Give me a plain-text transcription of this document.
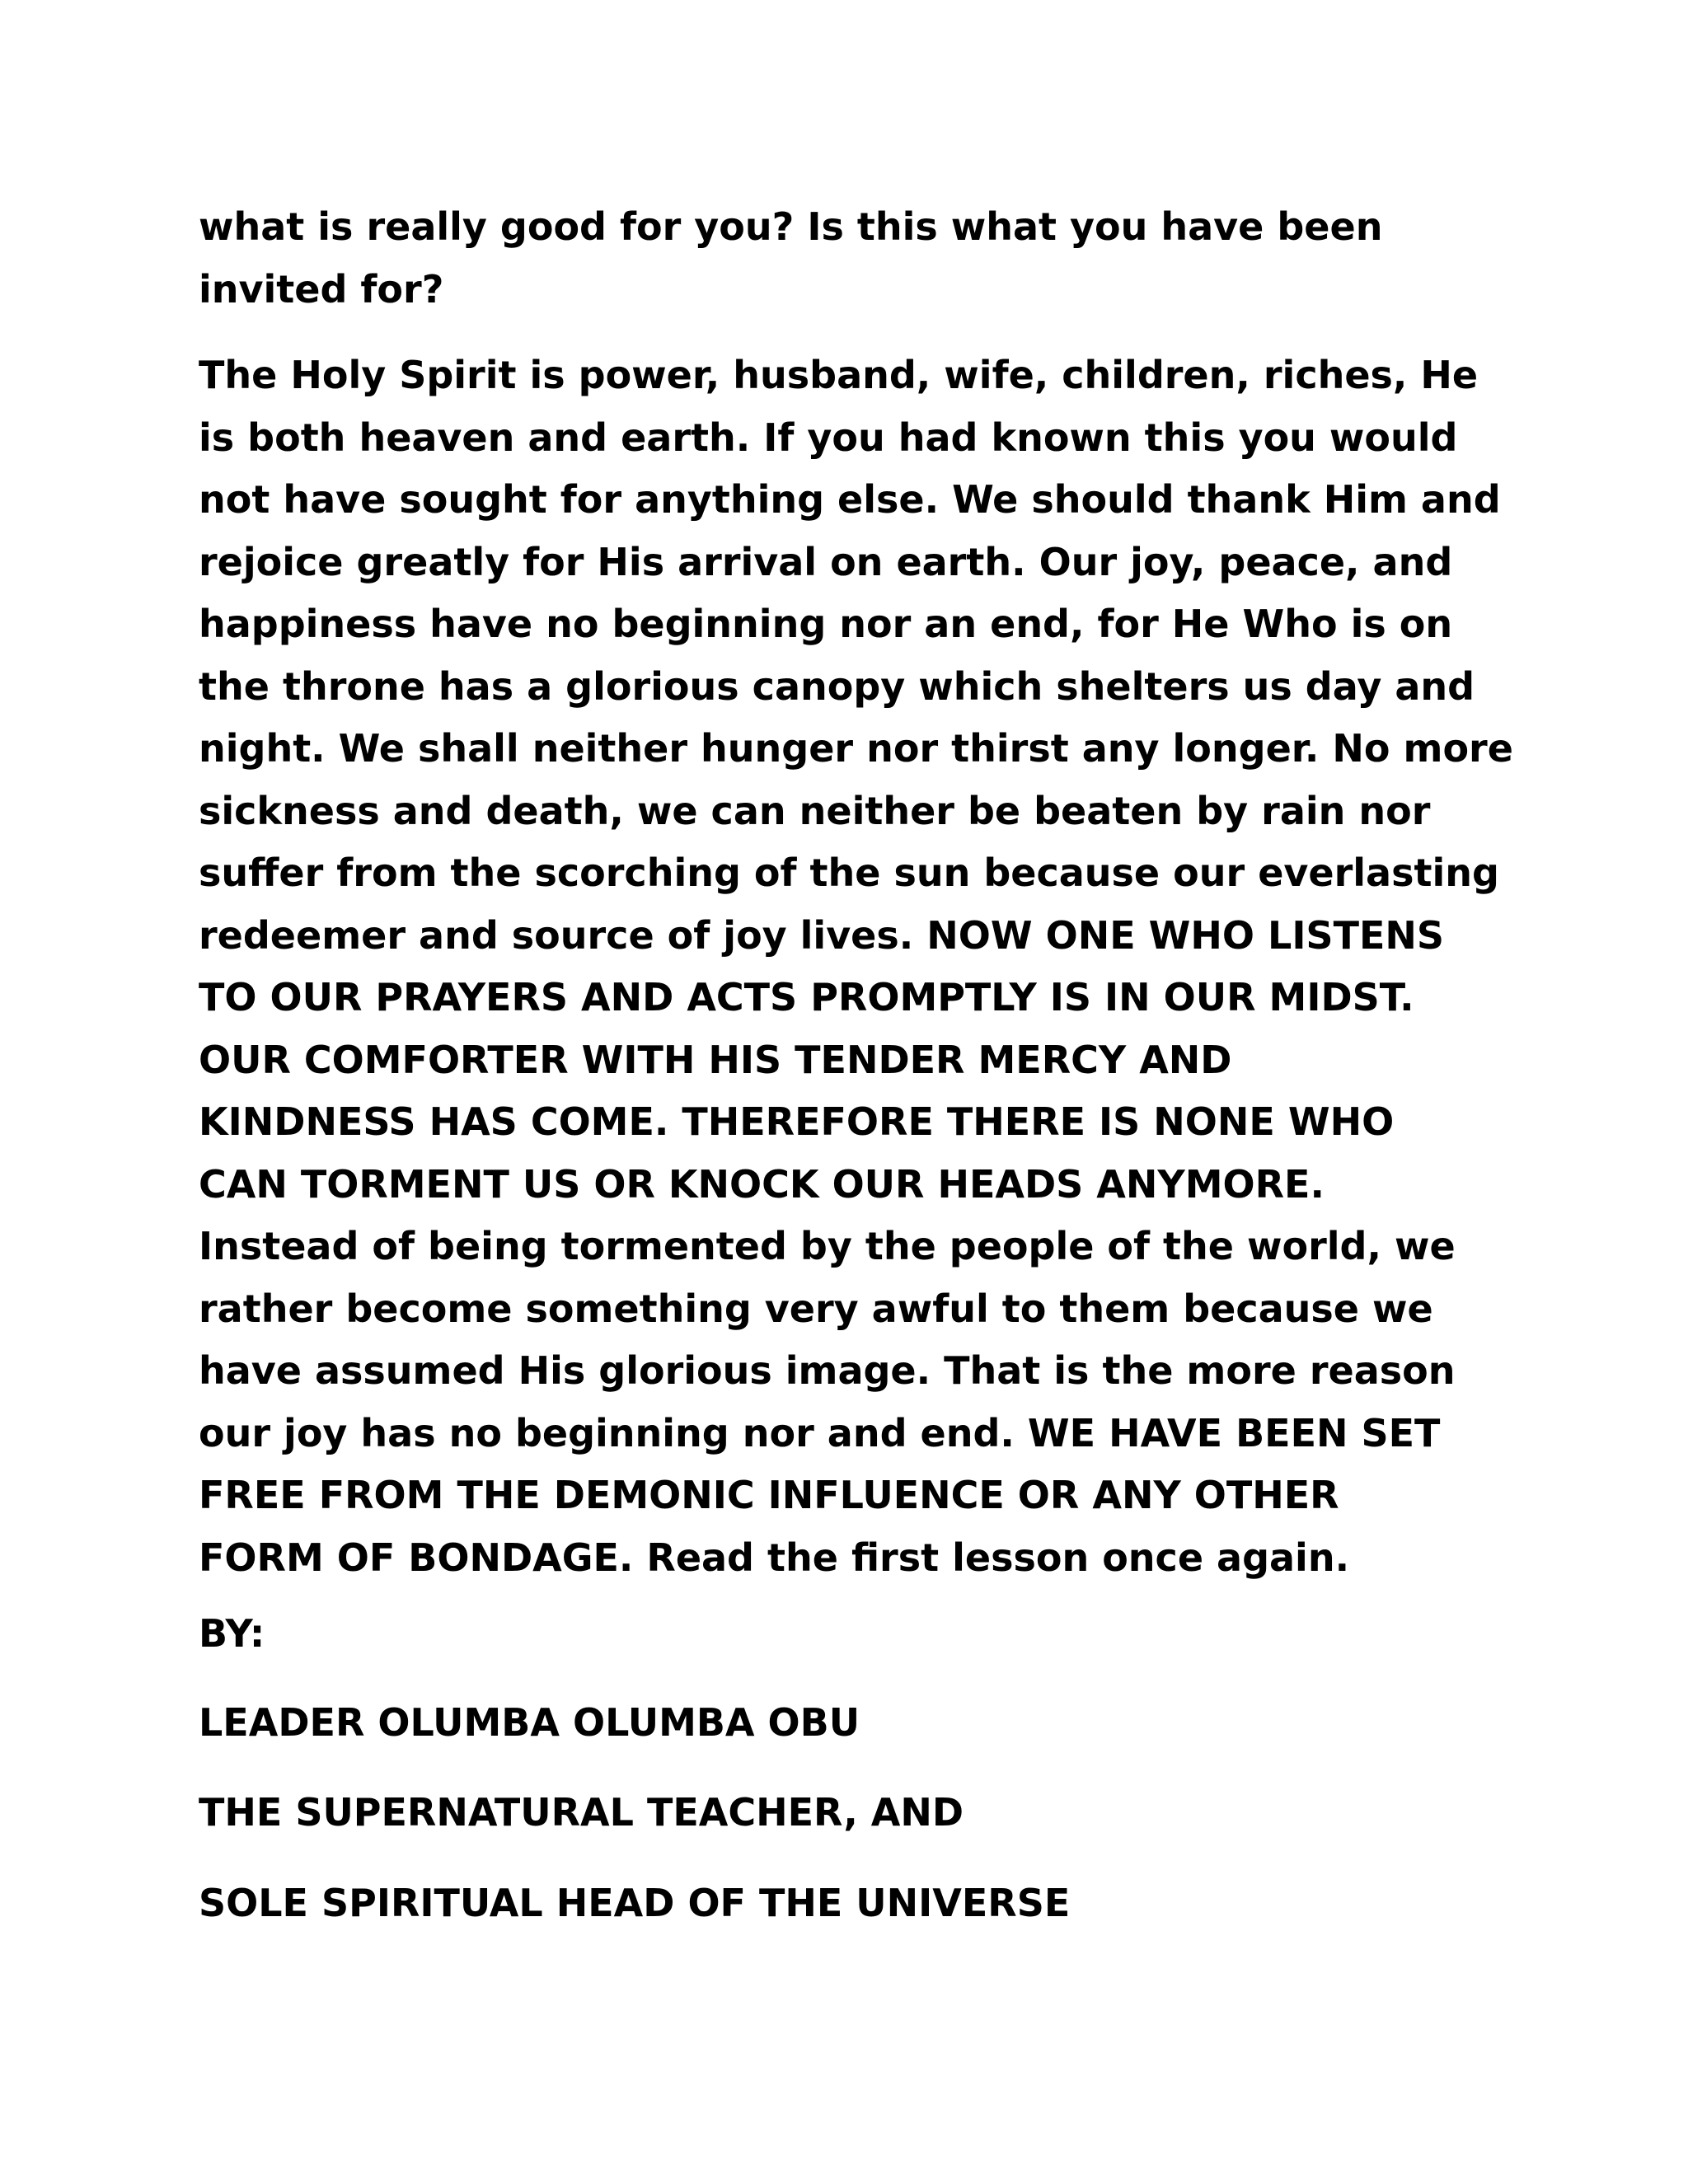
what is really good for you? Is this what you have been
invited for?

The Holy Spirit is power, husband, wife, children, riches, He
is both heaven and earth. If you had known this you would
not have sought for anything else. We should thank Him and
rejoice greatly for His arrival on earth. Our joy, peace, and
happiness have no beginning nor an end, for He Who is on
the throne has a glorious canopy which shelters us day and
night. We shall neither hunger nor thirst any longer. No more
sickness and death, we can neither be beaten by rain nor
suffer from the scorching of the sun because our everlasting
redeemer and source of joy lives. NOW ONE WHO LISTENS
TO OUR PRAYERS AND ACTS PROMPTLY IS IN OUR MIDST.
OUR COMFORTER WITH HIS TENDER MERCY AND
KINDNESS HAS COME. THEREFORE THERE IS NONE WHO
CAN TORMENT US OR KNOCK OUR HEADS ANYMORE.
Instead of being tormented by the people of the world, we
rather become something very awful to them because we
have assumed His glorious image. That is the more reason
our joy has no beginning nor and end. WE HAVE BEEN SET
FREE FROM THE DEMONIC INFLUENCE OR ANY OTHER
FORM OF BONDAGE. Read the first lesson once again.

BY:

LEADER OLUMBA OLUMBA OBU

THE SUPERNATURAL TEACHER, AND

SOLE SPIRITUAL HEAD OF THE UNIVERSE
